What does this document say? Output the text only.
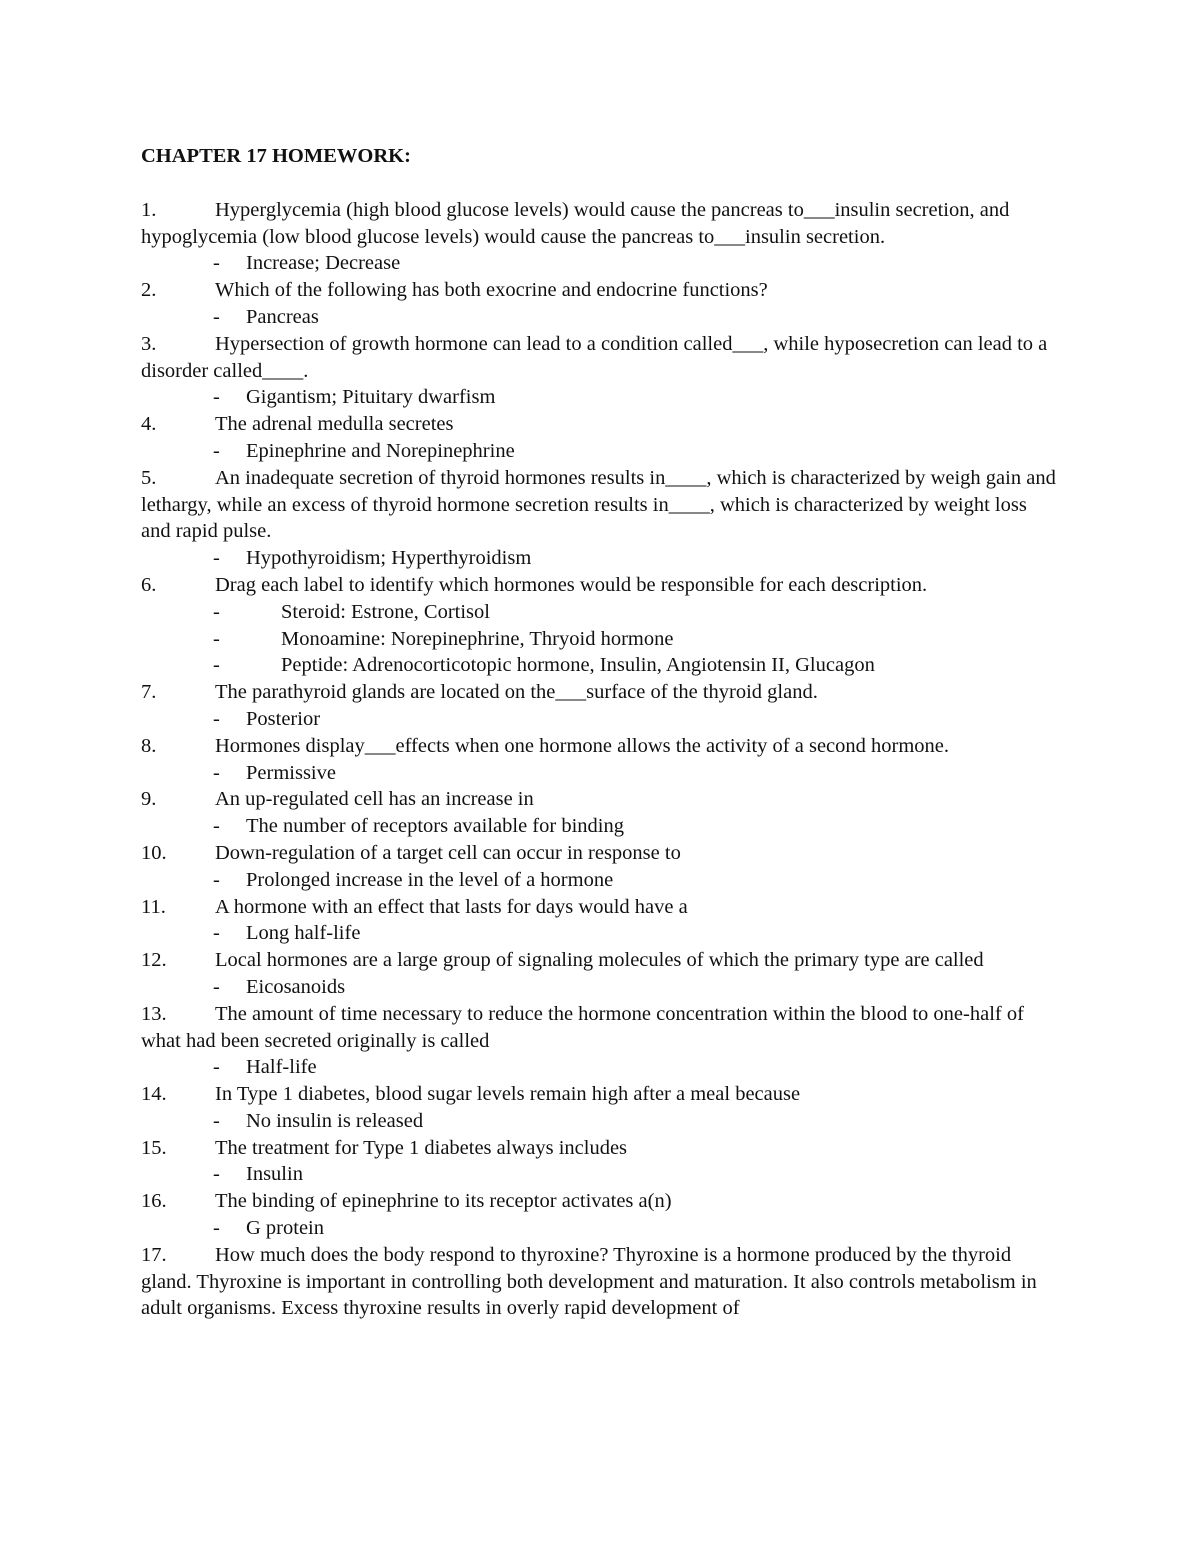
CHAPTER 17 HOMEWORK:
1.	Hyperglycemia (high blood glucose levels) would cause the pancreas to___insulin secretion, and hypoglycemia (low blood glucose levels) would cause the pancreas to___insulin secretion.
- Increase; Decrease
2.	Which of the following has both exocrine and endocrine functions?
- Pancreas
3.	Hypersection of growth hormone can lead to a condition called___, while hyposecretion can lead to a disorder called____.
- Gigantism; Pituitary dwarfism
4.	The adrenal medulla secretes
- Epinephrine and Norepinephrine
5.	An inadequate secretion of thyroid hormones results in____, which is characterized by weigh gain and lethargy, while an excess of thyroid hormone secretion results in____, which is characterized by weight loss and rapid pulse.
- Hypothyroidism; Hyperthyroidism
6.	Drag each label to identify which hormones would be responsible for each description.
-	Steroid: Estrone, Cortisol
-	Monoamine: Norepinephrine, Thryoid hormone
-	Peptide: Adrenocorticotopic hormone, Insulin, Angiotensin II, Glucagon
7.	The parathyroid glands are located on the___surface of the thyroid gland.
- Posterior
8.	Hormones display___effects when one hormone allows the activity of a second hormone.
- Permissive
9.	An up-regulated cell has an increase in
- The number of receptors available for binding
10. Down-regulation of a target cell can occur in response to
- Prolonged increase in the level of a hormone
11. A hormone with an effect that lasts for days would have a
- Long half-life
12. Local hormones are a large group of signaling molecules of which the primary type are called
- Eicosanoids
13. The amount of time necessary to reduce the hormone concentration within the blood to one-half of what had been secreted originally is called
- Half-life
14. In Type 1 diabetes, blood sugar levels remain high after a meal because
- No insulin is released
15. The treatment for Type 1 diabetes always includes
- Insulin
16. The binding of epinephrine to its receptor activates a(n)
- G protein
17. How much does the body respond to thyroxine? Thyroxine is a hormone produced by the thyroid gland. Thyroxine is important in controlling both development and maturation. It also controls metabolism in adult organisms. Excess thyroxine results in overly rapid development of
